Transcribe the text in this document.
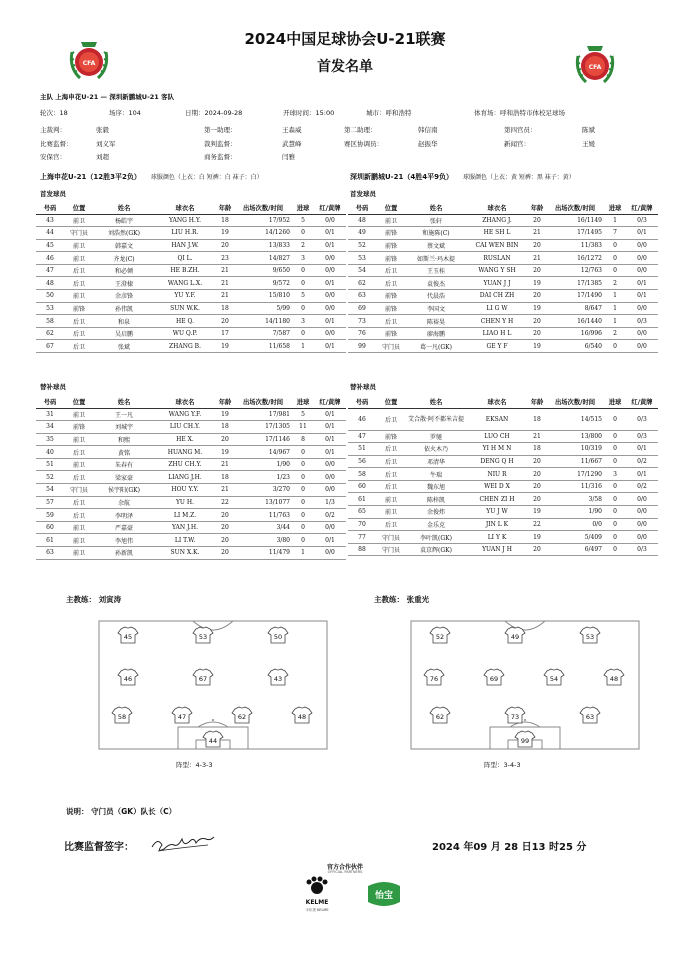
CFA
CFA
2024中国足球协会U-21联赛
首发名单
主队 上海申花U-21 — 深圳新鹏城U-21 客队
轮次：18	场序：104	日期：2024-09-28	开球时间：15:00	城市：呼和浩特	体育场：呼和浩特市体校足球场
主裁判：	张毅	第一助理：	王森威	第二助理：	韩信南	第四官员：	陈斌
比赛监督：	刘义军	裁判监督：	武慧峰	赛区协调员：	赵振华	新闻官：	王媛
安保官：	刘超	商务监督：	闫雅
上海申花U-21（12胜3平2负） 球服颜色（上衣：白 短裤：白 袜子：白）	深圳新鹏城U-21（4胜4平9负） 球服颜色（上衣：黄 短裤：黑 袜子：黄）
首发球员	首发球员
号码	位置	姓名	球衣名	年龄	出场次数/时间	进球	红/黄牌
43	前卫	杨皓宇	YANG H.Y.	18	17/952	5	0/0
44	守门员	刘浩然(GK)	LIU H.R.	19	14/1260	0	0/1
45	前卫	韩嘉文	HAN J.W.	20	13/833	2	0/1
46	前卫	齐龙(C)	QI L.	23	14/827	3	0/0
47	后卫	和必倾	HE B.ZH.	21	9/650	0	0/0
48	后卫	王澄棣	WANG L.X.	21	9/572	0	0/1
50	前卫	余彦锋	YU Y.F.	21	15/810	5	0/0
53	前锋	孙伟凯	SUN W.K.	18	5/99	0	0/0
58	后卫	和泉	HE Q.	20	14/1180	3	0/1
62	后卫	吴启鹏	WU Q.P.	17	7/587	0	0/0
67	后卫	张斌	ZHANG B.	19	11/658	1	0/1
号码	位置	姓名	球衣名	年龄	出场次数/时间	进球	红/黄牌
48	前卫	张轩	ZHANG J.	20	16/1149	1	0/3
49	前锋	和施陈(C)	HE SH L	21	17/1495	7	0/1
52	前锋	蔡文斌	CAI WEN BIN	20	11/383	0	0/0
53	前锋	如斯兰·玛木提	RUSLAN	21	16/1272	0	0/0
54	后卫	王玉桂	WANG Y SH	20	12/763	0	0/0
62	后卫	袁俊杰	YUAN J J	19	17/1385	2	0/1
63	前锋	代晨浩	DAI CH ZH	20	17/1490	1	0/1
69	前锋	李国文	LI G W	19	8/647	1	0/0
73	后卫	陈裕昊	CHEN Y H	20	16/1440	1	0/3
76	前锋	廖海鹏	LIAO H L	20	16/996	2	0/0
99	守门员	葛一凡(GK)	GE Y F	19	6/540	0	0/0
替补球员	替补球员
号码	位置	姓名	球衣名	年龄	出场次数/时间	进球	红/黄牌
31	前卫	王一凡	WANG Y.F.	19	17/981	5	0/1
34	前锋	刘城宇	LIU CH.Y.	18	17/1305	11	0/1
35	前卫	和熙	HE X.	20	17/1146	8	0/1
40	后卫	黄铭	HUANG M.	19	14/967	0	0/1
51	前卫	朱春有	ZHU CH.Y.	21	1/90	0	0/0
52	后卫	梁家豪	LIANG J.H.	18	1/23	0	0/0
54	守门员	侯宇阳(GK)	HOU Y.Y.	21	3/270	0	0/0
57	后卫	余航	YU H.	22	13/1077	0	1/3
59	后卫	李明泽	LI M.Z.	20	11/763	0	0/2
60	前卫	严嘉豪	YAN J.H.	20	3/44	0	0/0
61	前卫	李旭伟	LI T.W.	20	3/80	0	0/1
63	前卫	孙新凯	SUN X.K.	20	11/479	1	0/0
号码	位置	姓名	球衣名	年龄	出场次数/时间	进球	红/黄牌
46	后卫	艾合散·阿不都米吉提	EKSAN	18	14/515	0	0/3
47	前锋	罗驰	LUO CH	21	13/800	0	0/3
51	后卫	依火木乃	YI H M N	18	10/319	0	0/1
56	后卫	邓清华	DENG Q H	20	11/667	0	0/2
58	后卫	牛瑞	NIU R	20	17/1290	3	0/1
60	后卫	魏东旭	WEI D X	20	11/316	0	0/2
61	前卫	陈梓凯	CHEN ZI H	20	3/58	0	0/0
65	前卫	余俊炜	YU J W	19	1/90	0	0/0
70	后卫	金乐克	JIN L K	22	0/0	0	0/0
77	守门员	李叶凯(GK)	LI Y K	19	5/409	0	0/0
88	守门员	袁京辉(GK)	YUAN J H	20	6/497	0	0/3
主教练： 刘寅涛	主教练： 张重光
45	53	50
46	67	43
58	47	62	48
44
52	49	53
76	69	54	48
62	73	63
99
阵型：4-3-3	阵型：3-4-3
说明： 守门员（GK）队长（C）
比赛监督签字：	2024 年09 月 28 日13 时25 分
官方合作伙伴
OFFICIAL PARTNERS
KELME
卡尔美 KELME
怡宝
